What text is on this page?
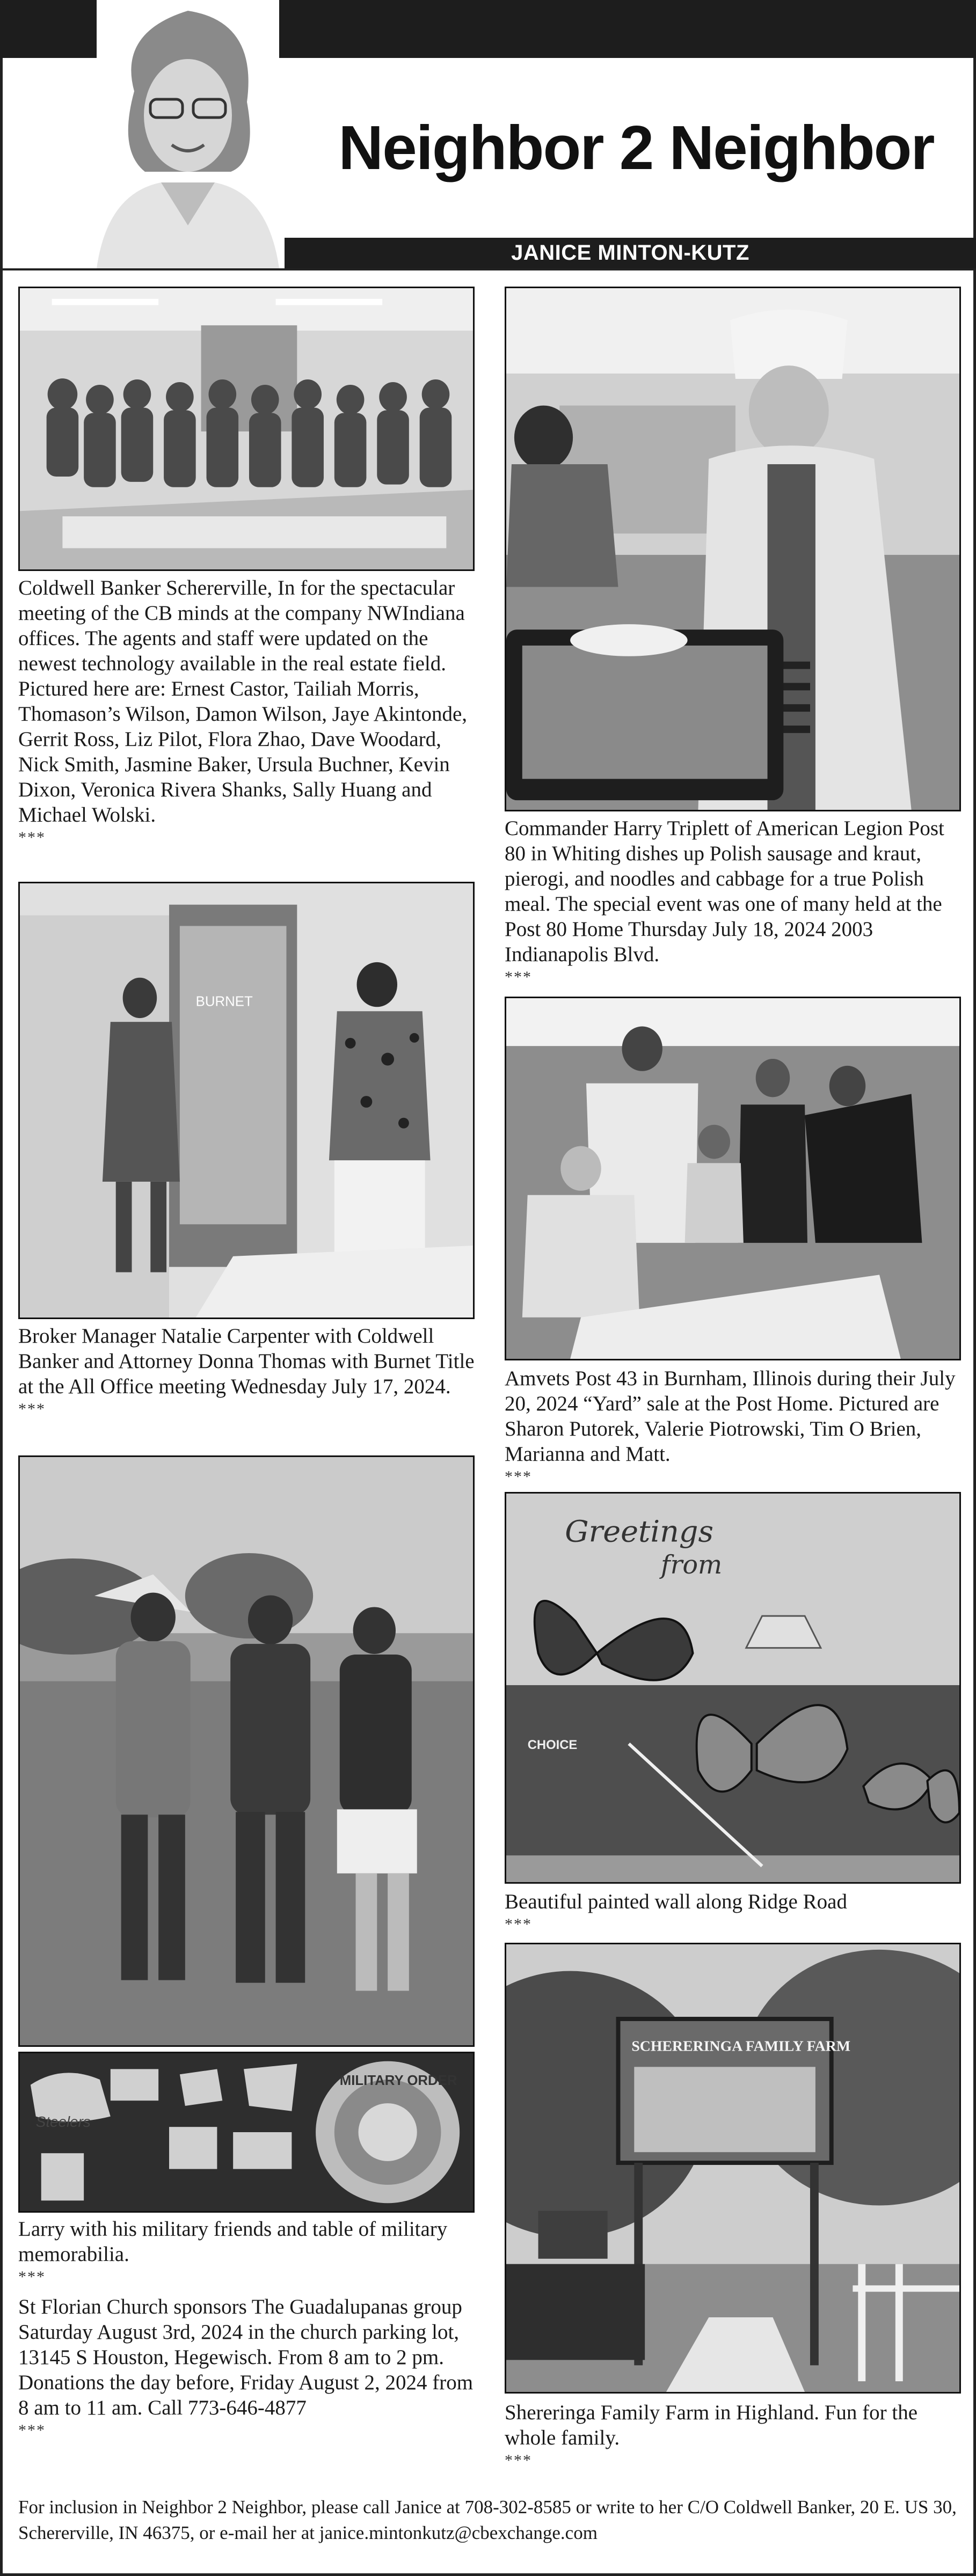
Neighbor 2 Neighbor
JANICE MINTON-KUTZ
Coldwell Banker Schererville, In for the spectacular meeting of the CB minds at the company NWIndiana offices. The agents and staff were updated on the newest technology available in the real estate field. Pictured here are: Ernest Castor, Tailiah Morris, Thomason’s Wilson, Damon Wilson, Jaye Akintonde, Gerrit Ross, Liz Pilot, Flora Zhao, Dave Woodard, Nick Smith, Jasmine Baker, Ursula Buchner, Kevin Dixon, Veronica Rivera Shanks, Sally Huang and Michael Wolski.
***
BURNET
Broker Manager Natalie Carpenter with Coldwell Banker and Attorney Donna Thomas with Burnet Title at the All Office meeting Wednesday July 17, 2024.
***
Steelers
MILITARY ORDER
Larry with his military friends and table of military memorabilia.
***
St Florian Church sponsors The Guadalupanas group Saturday August 3rd, 2024 in the church parking lot, 13145 S Houston, Hegewisch. From 8 am to 2 pm. Donations the day before, Friday August 2, 2024 from 8 am to 11 am. Call 773-646-4877
***
Commander Harry Triplett of American Legion Post 80 in Whiting dishes up Polish sausage and kraut, pierogi, and noodles and cabbage for a true Polish meal. The special event was one of many held at the Post 80 Home Thursday July 18, 2024 2003 Indianapolis Blvd.
***
Amvets Post 43 in Burnham, Illinois during their July 20, 2024 “Yard” sale at the Post Home. Pictured are Sharon Putorek, Valerie Piotrowski, Tim O Brien, Marianna and Matt.
***
Greetings
from
CHOICE
Beautiful painted wall along Ridge Road
***
SCHERERINGA FAMILY FARM
Shereringa Family Farm in Highland. Fun for the whole family.
***
For inclusion in Neighbor 2 Neighbor, please call Janice at 708-302-8585 or write to her C/O Coldwell Banker, 20 E. US 30, Schererville, IN 46375, or e-mail her at janice.mintonkutz@cbexchange.com
